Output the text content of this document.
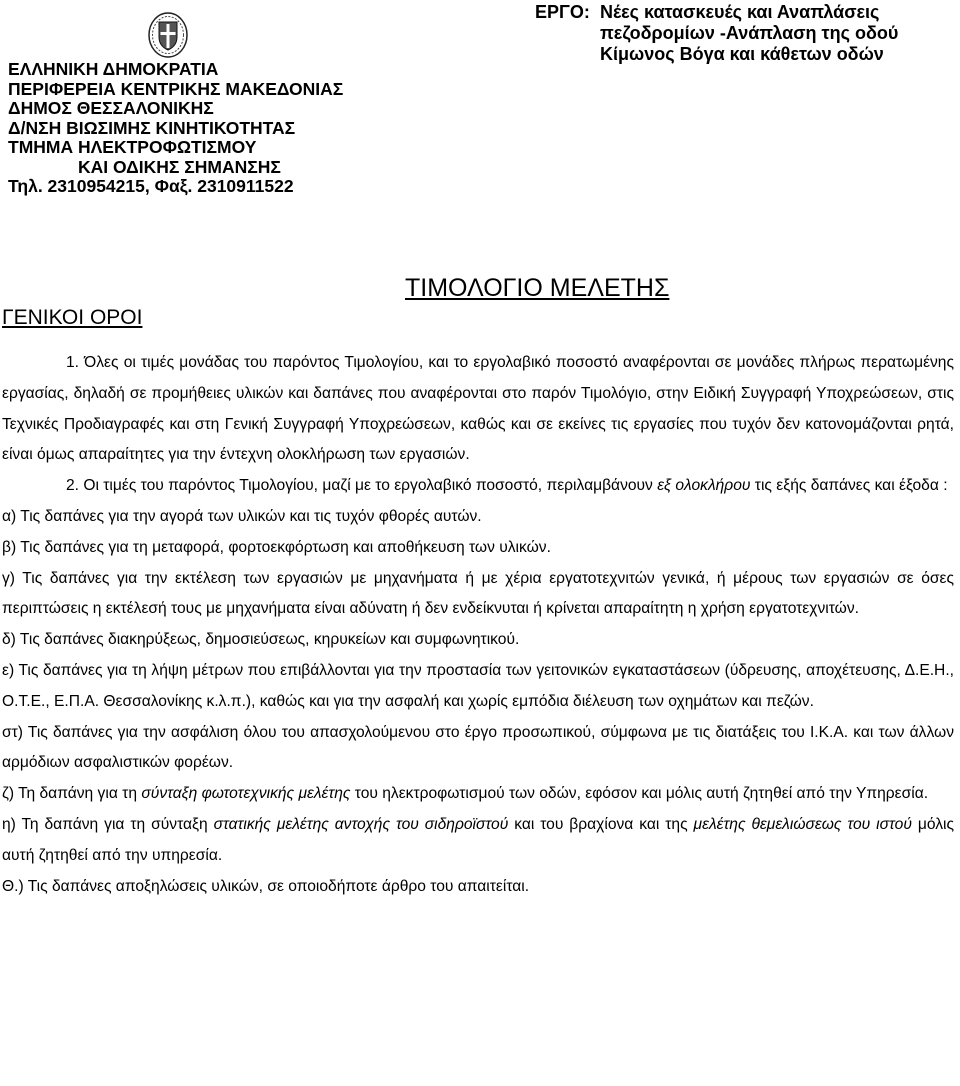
ΕΛΛΗΝΙΚΗ ΔΗΜΟΚΡΑΤΙΑ
ΠΕΡΙΦΕΡΕΙΑ ΚΕΝΤΡΙΚΗΣ ΜΑΚΕΔΟΝΙΑΣ
ΔΗΜΟΣ ΘΕΣΣΑΛΟΝΙΚΗΣ
Δ/ΝΣΗ ΒΙΩΣΙΜΗΣ ΚΙΝΗΤΙΚΟΤΗΤΑΣ
ΤΜΗΜΑ ΗΛΕΚΤΡΟΦΩΤΙΣΜΟΥ
ΚΑΙ ΟΔΙΚΗΣ ΣΗΜΑΝΣΗΣ
Τηλ. 2310954215, Φαξ. 2310911522
ΕΡΓΟ: Νέες κατασκευές και Αναπλάσεις πεζοδρομίων -Ανάπλαση της οδού Κίμωνος Βόγα και κάθετων οδών
ΤΙΜΟΛΟΓΙΟ ΜΕΛΕΤΗΣ
ΓΕΝΙΚΟΙ ΟΡΟΙ

1. Όλες οι τιμές μονάδας του παρόντος Τιμολογίου, και το εργολαβικό ποσοστό αναφέρονται σε μονάδες πλήρως περατωμένης εργασίας, δηλαδή σε προμήθειες υλικών και δαπάνες που αναφέρονται στο παρόν Τιμολόγιο, στην Ειδική Συγγραφή Υποχρεώσεων, στις Τεχνικές Προδιαγραφές και στη Γενική Συγγραφή Υποχρεώσεων, καθώς και σε εκείνες τις εργασίες που τυχόν δεν κατονομάζονται ρητά, είναι όμως απαραίτητες για την έντεχνη ολοκλήρωση των εργασιών.

2. Οι τιμές του παρόντος Τιμολογίου, μαζί με το εργολαβικό ποσοστό, περιλαμβάνουν εξ ολοκλήρου τις εξής δαπάνες και έξοδα :

α) Τις δαπάνες για την αγορά των υλικών και τις τυχόν φθορές αυτών.

β) Τις δαπάνες για τη μεταφορά, φορτοεκφόρτωση και αποθήκευση των υλικών.

γ) Τις δαπάνες για την εκτέλεση των εργασιών με μηχανήματα ή με χέρια εργατοτεχνιτών γενικά, ή μέρους των εργασιών σε όσες περιπτώσεις η εκτέλεσή τους με μηχανήματα είναι αδύνατη ή δεν ενδείκνυται ή κρίνεται απαραίτητη η χρήση εργατοτεχνιτών.

δ) Τις δαπάνες διακηρύξεως, δημοσιεύσεως, κηρυκείων και συμφωνητικού.

ε) Τις δαπάνες για τη λήψη μέτρων που επιβάλλονται για την προστασία των γειτονικών εγκαταστάσεων (ύδρευσης, αποχέτευσης, Δ.Ε.Η., Ο.Τ.Ε., Ε.Π.Α. Θεσσαλονίκης κ.λ.π.), καθώς και για την ασφαλή και χωρίς εμπόδια διέλευση των οχημάτων και πεζών.

στ) Τις δαπάνες για την ασφάλιση όλου του απασχολούμενου στο έργο προσωπικού, σύμφωνα με τις διατάξεις του Ι.Κ.Α. και των άλλων αρμόδιων ασφαλιστικών φορέων.

ζ) Τη δαπάνη για τη σύνταξη φωτοτεχνικής μελέτης του ηλεκτροφωτισμού των οδών, εφόσον και μόλις αυτή ζητηθεί από την Υπηρεσία.

η) Τη δαπάνη για τη σύνταξη στατικής μελέτης αντοχής του σιδηροϊστού και του βραχίονα και της μελέτης θεμελιώσεως του ιστού μόλις αυτή ζητηθεί από την υπηρεσία.

Θ.) Τις δαπάνες αποξηλώσεις υλικών, σε οποιοδήποτε άρθρο του απαιτείται.
